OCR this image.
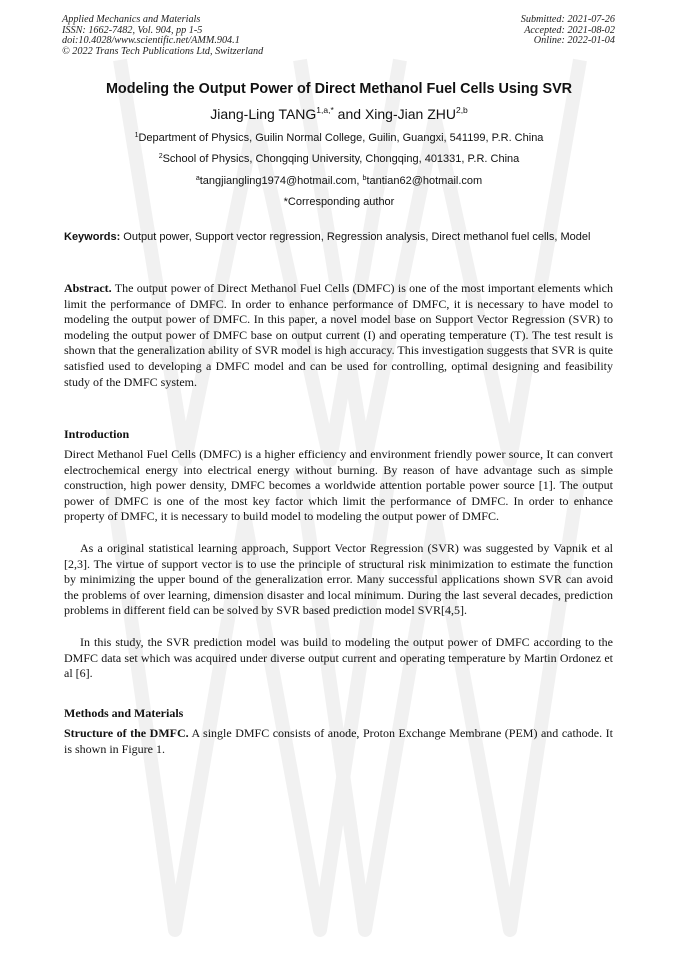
Applied Mechanics and Materials
ISSN: 1662-7482, Vol. 904, pp 1-5
doi:10.4028/www.scientific.net/AMM.904.1
© 2022 Trans Tech Publications Ltd, Switzerland
Submitted: 2021-07-26
Accepted: 2021-08-02
Online: 2022-01-04
Modeling the Output Power of Direct Methanol Fuel Cells Using SVR
Jiang-Ling $TANG^{1,a,*}$ and Xing-Jian ZHU$^{2,b}$
$^1$Department of Physics, Guilin Normal College, Guilin, Guangxi, 541199, P.R. China
$^2$School of Physics, Chongqing University, Chongqing, 401331, P.R. China
$^a$tangjiangling1974@hotmail.com, $^b$tantian62@hotmail.com
*Corresponding author
Keywords: Output power, Support vector regression, Regression analysis, Direct methanol fuel cells, Model
Abstract. The output power of Direct Methanol Fuel Cells (DMFC) is one of the most important elements which limit the performance of DMFC. In order to enhance performance of DMFC, it is necessary to have model to modeling the output power of DMFC. In this paper, a novel model base on Support Vector Regression (SVR) to modeling the output power of DMFC base on output current (I) and operating temperature (T). The test result is shown that the generalization ability of SVR model is high accuracy. This investigation suggests that SVR is quite satisfied used to developing a DMFC model and can be used for controlling, optimal designing and feasibility study of the DMFC system.
Introduction
Direct Methanol Fuel Cells (DMFC) is a higher efficiency and environment friendly power source, It can convert electrochemical energy into electrical energy without burning. By reason of have advantage such as simple construction, high power density, DMFC becomes a worldwide attention portable power source [1]. The output power of DMFC is one of the most key factor which limit the performance of DMFC. In order to enhance property of DMFC, it is necessary to build model to modeling the output power of DMFC.
As a original statistical learning approach, Support Vector Regression (SVR) was suggested by Vapnik et al [2,3]. The virtue of support vector is to use the principle of structural risk minimization to estimate the function by minimizing the upper bound of the generalization error. Many successful applications shown SVR can avoid the problems of over learning, dimension disaster and local minimum. During the last several decades, prediction problems in different field can be solved by SVR based prediction model SVR[4,5].
In this study, the SVR prediction model was build to modeling the output power of DMFC according to the DMFC data set which was acquired under diverse output current and operating temperature by Martin Ordonez et al [6].
Methods and Materials
Structure of the DMFC. A single DMFC consists of anode, Proton Exchange Membrane (PEM) and cathode. It is shown in Figure 1.
